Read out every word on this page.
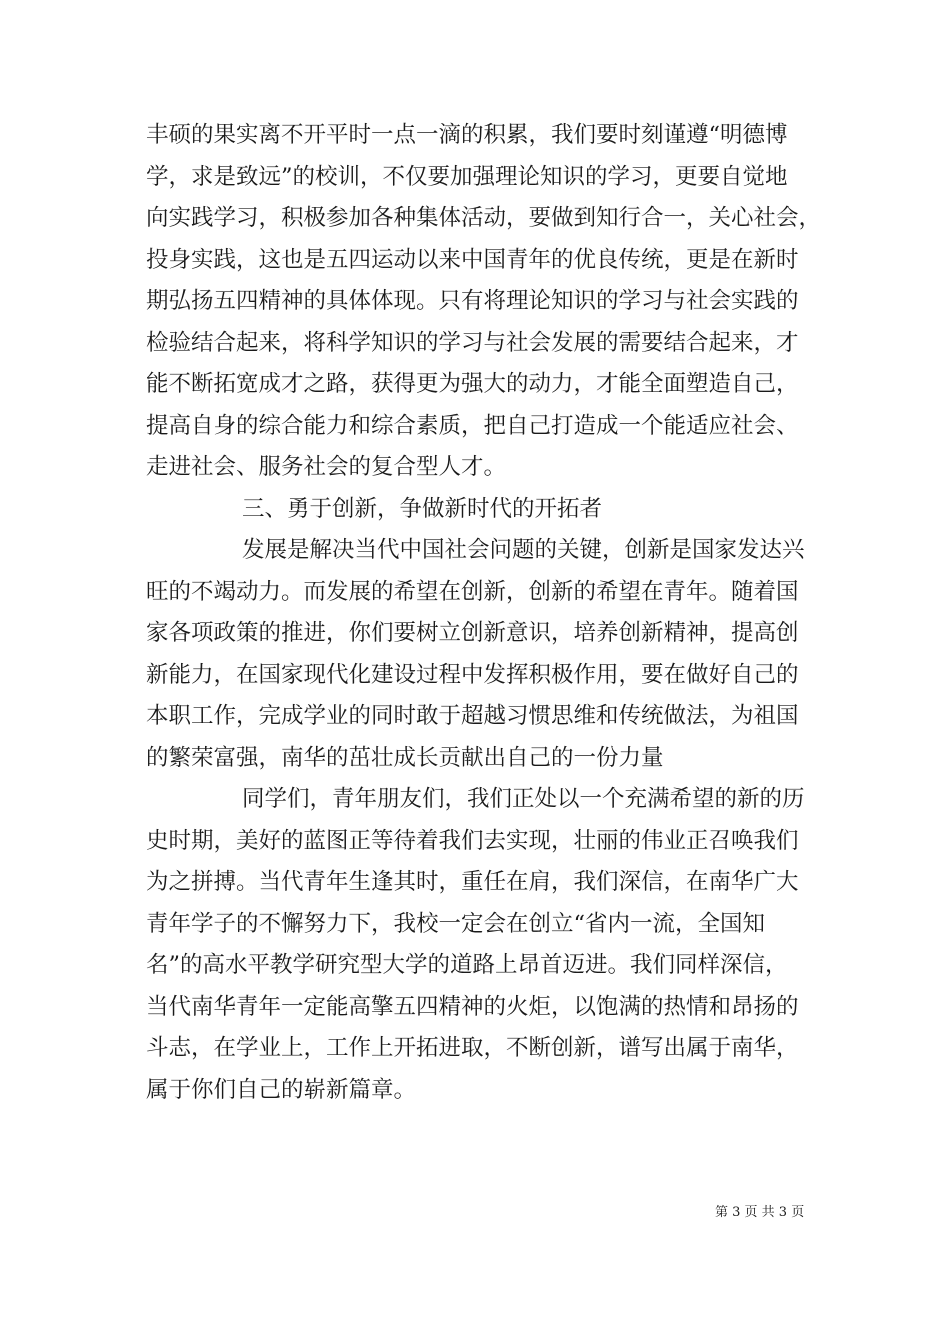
丰硕的果实离不开平时一点一滴的积累，我们要时刻谨遵“明德博
学，求是致远”的校训，不仅要加强理论知识的学习，更要自觉地
向实践学习，积极参加各种集体活动，要做到知行合一，关心社会，
投身实践，这也是五四运动以来中国青年的优良传统，更是在新时
期弘扬五四精神的具体体现。只有将理论知识的学习与社会实践的
检验结合起来，将科学知识的学习与社会发展的需要结合起来，才
能不断拓宽成才之路，获得更为强大的动力，才能全面塑造自己，
提高自身的综合能力和综合素质，把自己打造成一个能适应社会、
走进社会、服务社会的复合型人才。
三、勇于创新，争做新时代的开拓者
发展是解决当代中国社会问题的关键，创新是国家发达兴
旺的不竭动力。而发展的希望在创新，创新的希望在青年。随着国
家各项政策的推进，你们要树立创新意识，培养创新精神，提高创
新能力，在国家现代化建设过程中发挥积极作用，要在做好自己的
本职工作，完成学业的同时敢于超越习惯思维和传统做法，为祖国
的繁荣富强，南华的茁壮成长贡献出自己的一份力量
同学们，青年朋友们，我们正处以一个充满希望的新的历
史时期，美好的蓝图正等待着我们去实现，壮丽的伟业正召唤我们
为之拼搏。当代青年生逢其时，重任在肩，我们深信，在南华广大
青年学子的不懈努力下，我校一定会在创立“省内一流，全国知
名”的高水平教学研究型大学的道路上昂首迈进。我们同样深信，
当代南华青年一定能高擎五四精神的火炬，以饱满的热情和昂扬的
斗志，在学业上，工作上开拓进取，不断创新，谱写出属于南华，
属于你们自己的崭新篇章。
第 3 页 共 3 页
